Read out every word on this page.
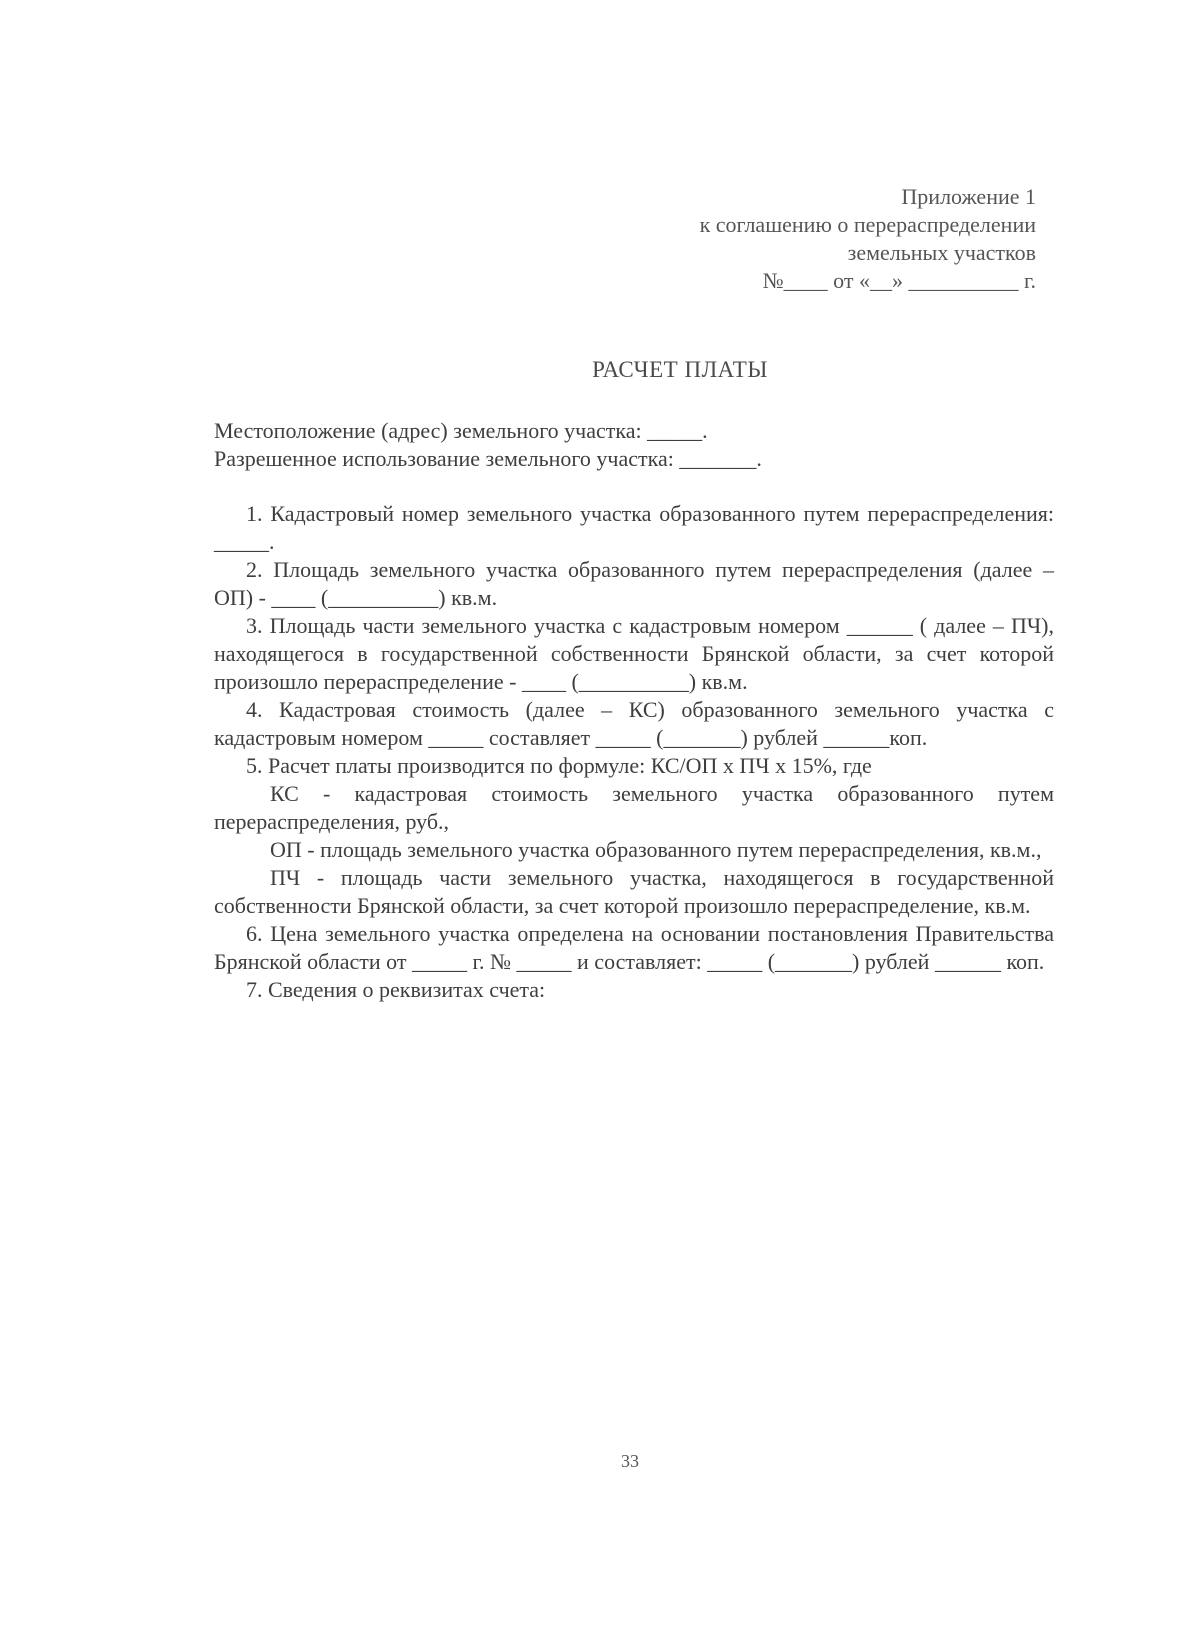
Приложение 1
к соглашению о перераспределении
земельных участков
№____ от «__» __________ г.
РАСЧЕТ ПЛАТЫ
Местоположение (адрес) земельного участка: _____.
Разрешенное использование земельного участка: _______.

1. Кадастровый номер земельного участка образованного путем перераспределения: _____.

2. Площадь земельного участка образованного путем перераспределения (далее – ОП) - ____ (__________) кв.м.

3. Площадь части земельного участка с кадастровым номером ______ ( далее – ПЧ), находящегося в государственной собственности Брянской области, за счет которой произошло перераспределение - ____ (__________) кв.м.

4. Кадастровая стоимость (далее – КС) образованного земельного участка с кадастровым номером _____ составляет _____ (_______) рублей ______коп.

5. Расчет платы производится по формуле: КС/ОП х ПЧ х 15%, где

КС - кадастровая стоимость земельного участка образованного путем перераспределения, руб.,

ОП - площадь земельного участка образованного путем перераспределения, кв.м.,

ПЧ - площадь части земельного участка, находящегося в государственной собственности Брянской области, за счет которой произошло перераспределение, кв.м.

6. Цена земельного участка определена на основании постановления Правительства Брянской области от _____ г. № _____ и составляет: _____ (_______) рублей ______ коп.

7. Сведения о реквизитах счета:

33
